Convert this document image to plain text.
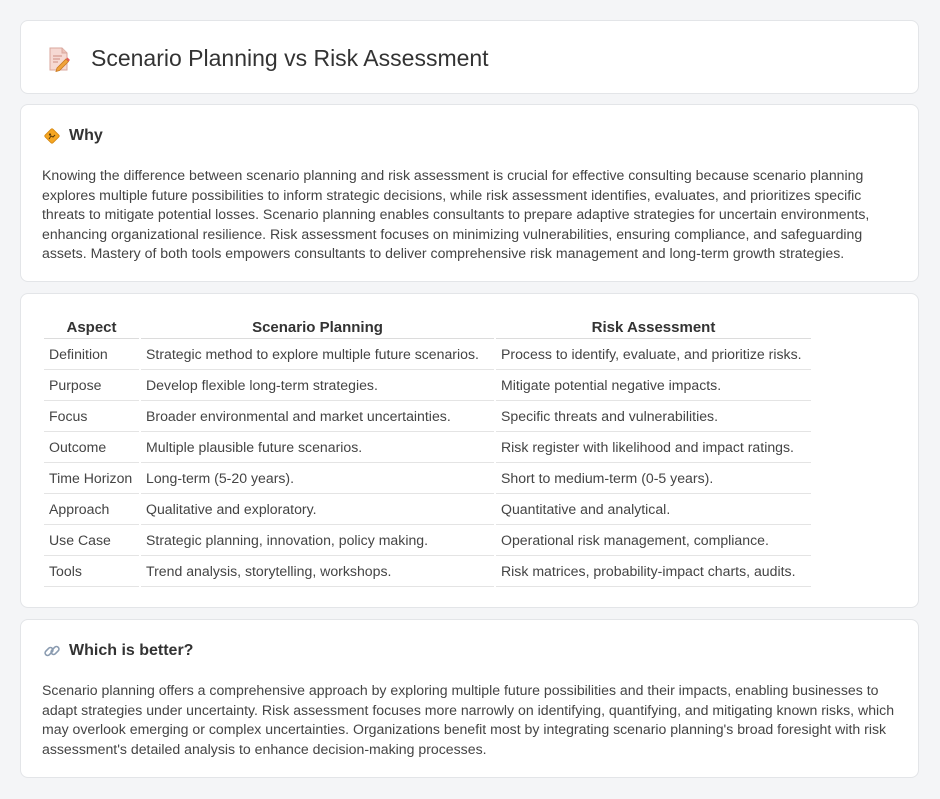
Scenario Planning vs Risk Assessment
Why

Knowing the difference between scenario planning and risk assessment is crucial for effective consulting because scenario planning explores multiple future possibilities to inform strategic decisions, while risk assessment identifies, evaluates, and prioritizes specific threats to mitigate potential losses. Scenario planning enables consultants to prepare adaptive strategies for uncertain environments, enhancing organizational resilience. Risk assessment focuses on minimizing vulnerabilities, ensuring compliance, and safeguarding assets. Mastery of both tools empowers consultants to deliver comprehensive risk management and long-term growth strategies.

Aspect	Scenario Planning	Risk Assessment
Definition	Strategic method to explore multiple future scenarios.	Process to identify, evaluate, and prioritize risks.
Purpose	Develop flexible long-term strategies.	Mitigate potential negative impacts.
Focus	Broader environmental and market uncertainties.	Specific threats and vulnerabilities.
Outcome	Multiple plausible future scenarios.	Risk register with likelihood and impact ratings.
Time Horizon	Long-term (5-20 years).	Short to medium-term (0-5 years).
Approach	Qualitative and exploratory.	Quantitative and analytical.
Use Case	Strategic planning, innovation, policy making.	Operational risk management, compliance.
Tools	Trend analysis, storytelling, workshops.	Risk matrices, probability-impact charts, audits.
Which is better?

Scenario planning offers a comprehensive approach by exploring multiple future possibilities and their impacts, enabling businesses to adapt strategies under uncertainty. Risk assessment focuses more narrowly on identifying, quantifying, and mitigating known risks, which may overlook emerging or complex uncertainties. Organizations benefit most by integrating scenario planning's broad foresight with risk assessment's detailed analysis to enhance decision-making processes.
